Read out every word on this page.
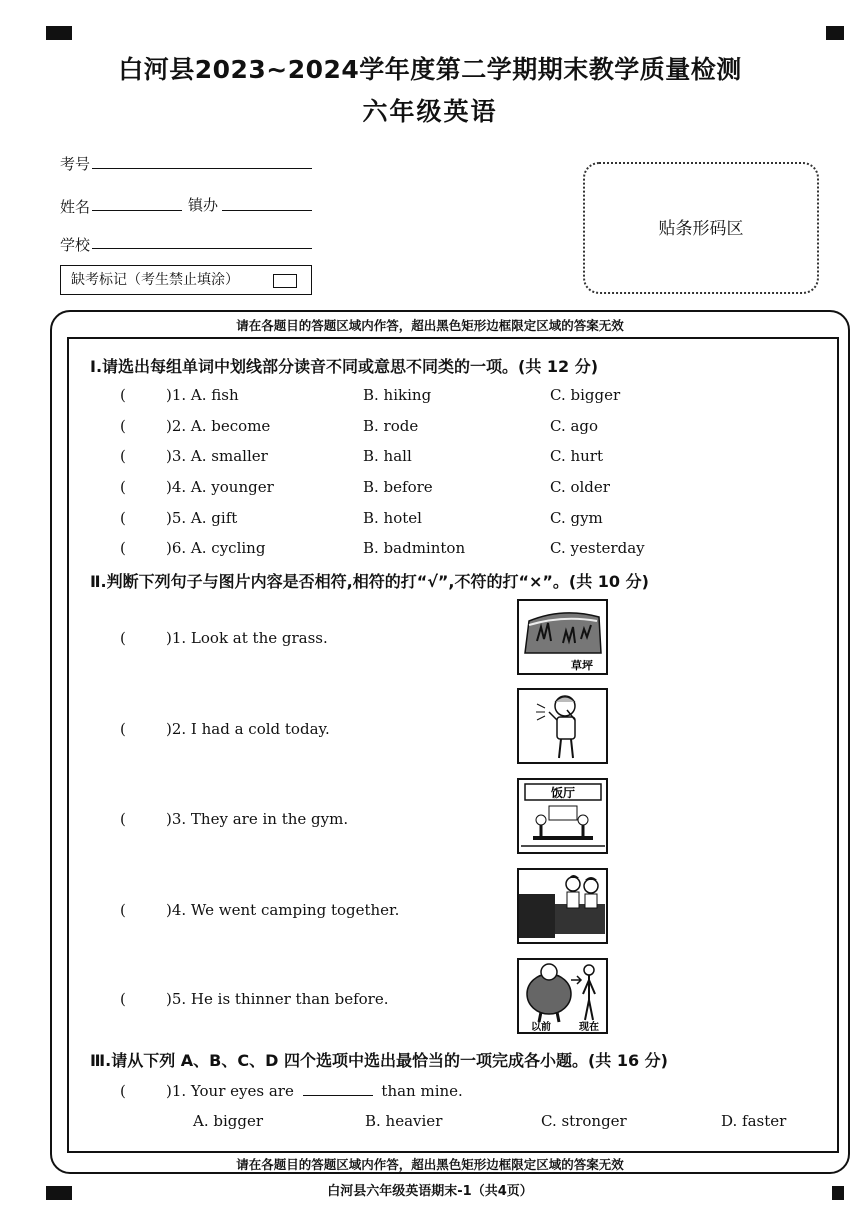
白河县2023~2024学年度第二学期期末教学质量检测
六年级英语
考号
姓名	镇办
学校
缺考标记（考生禁止填涂）
贴条形码区
请在各题目的答题区域内作答，超出黑色矩形边框限定区域的答案无效
请在各题目的答题区域内作答，超出黑色矩形边框限定区域的答案无效
Ⅰ.请选出每组单词中划线部分读音不同或意思不同类的一项。(共 12 分)
(	)1. A. fish	B. hiking	C. bigger
(	)2. A. become	B. rode	C. ago
(	)3. A. smaller	B. hall	C. hurt
(	)4. A. younger	B. before	C. older
(	)5. A. gift	B. hotel	C. gym
(	)6. A. cycling	B. badminton	C. yesterday
Ⅱ.判断下列句子与图片内容是否相符,相符的打“√”,不符的打“×”。(共 10 分)
(	)1. Look at the grass.
草坪
(	)2. I had a cold today.
(	)3. They are in the gym.
饭厅
(	)4. We went camping together.
(	)5. He is thinner than before.
以前	现在
Ⅲ.请从下列 A、B、C、D 四个选项中选出最恰当的一项完成各小题。(共 16 分)
(	)1. Your eyes are	than mine.
A. bigger	B. heavier	C. stronger	D. faster
白河县六年级英语期末-1（共4页）
